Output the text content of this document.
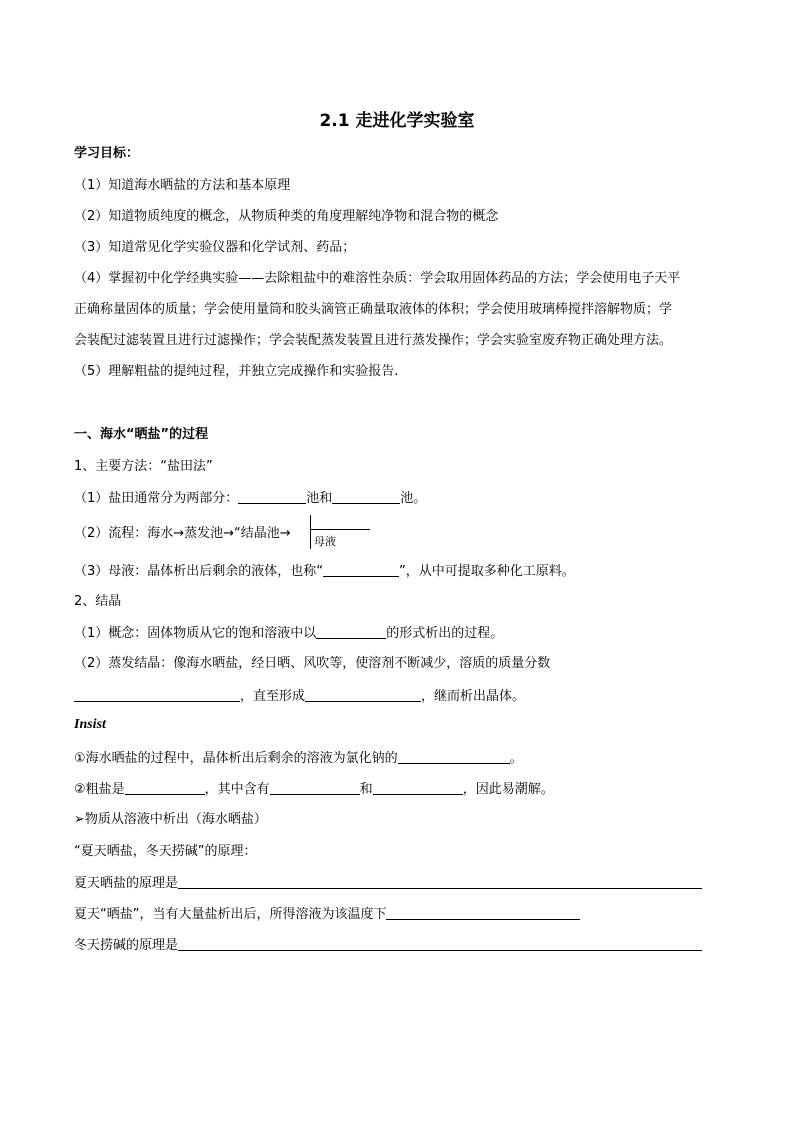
2.1 走进化学实验室
学习目标：
（1）知道海水晒盐的方法和基本原理
（2）知道物质纯度的概念，从物质种类的角度理解纯净物和混合物的概念
（3）知道常见化学实验仪器和化学试剂、药品；
（4）掌握初中化学经典实验——去除粗盐中的难溶性杂质：学会取用固体药品的方法；学会使用电子天平
正确称量固体的质量；学会使用量筒和胶头滴管正确量取液体的体积；学会使用玻璃棒搅拌溶解物质；学
会装配过滤装置且进行过滤操作；学会装配蒸发装置且进行蒸发操作；学会实验室废弃物正确处理方法。
（5）理解粗盐的提纯过程，并独立完成操作和实验报告.
一、海水“晒盐”的过程
1、主要方法：“盐田法”
（1）盐田通常分为两部分：	池和	池。
（2）流程：海水→蒸发池→“结晶池→
母液
（3）母液：晶体析出后剩余的液体，也称“	”，从中可提取多种化工原料。
2、结晶
（1）概念：固体物质从它的饱和溶液中以	的形式析出的过程。
（2）蒸发结晶：像海水晒盐，经日晒、风吹等，使溶剂不断减少，溶质的质量分数
，直至形成	，继而析出晶体。
Insist
①海水晒盐的过程中，晶体析出后剩余的溶液为氯化钠的	。
②粗盐是	，其中含有	和	，因此易潮解。
➢物质从溶液中析出（海水晒盐）
“夏天晒盐，冬天捞碱”的原理：
夏天晒盐的原理是
夏天“晒盐”，当有大量盐析出后，所得溶液为该温度下
冬天捞碱的原理是
